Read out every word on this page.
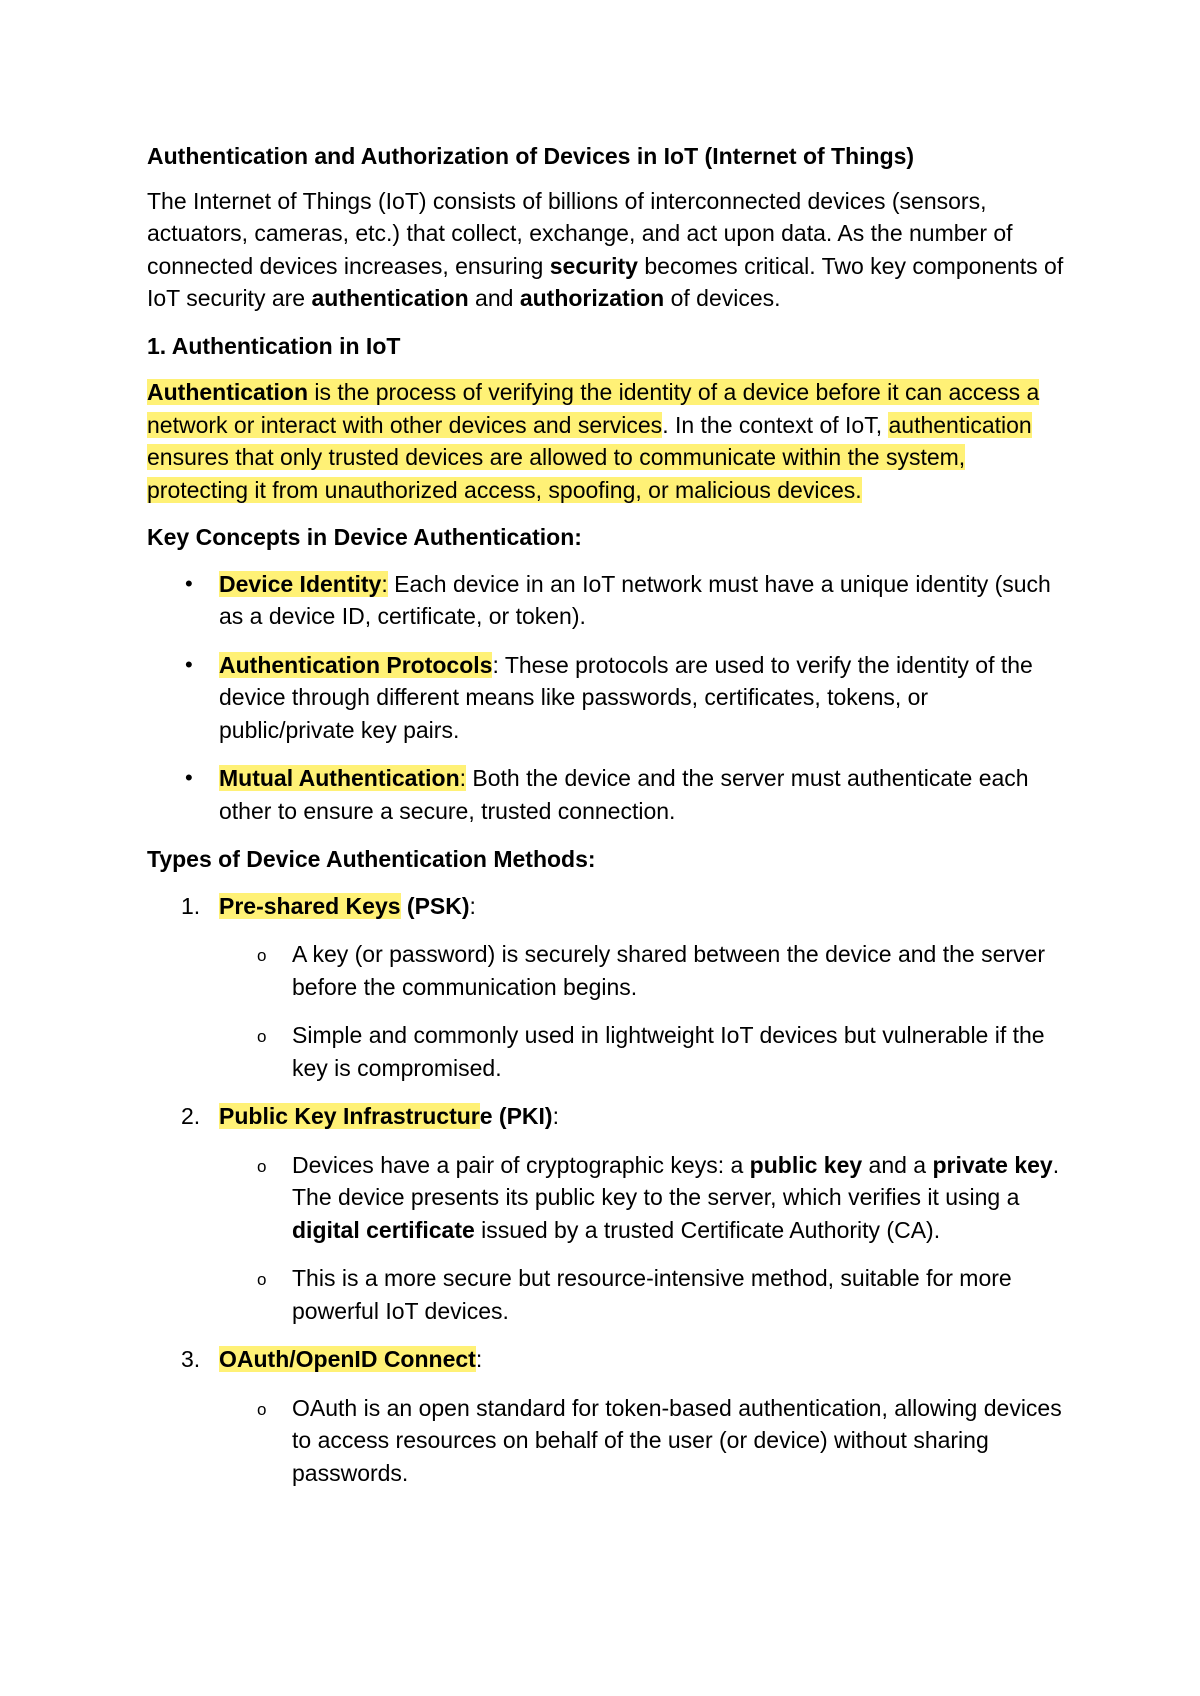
Authentication and Authorization of Devices in IoT (Internet of Things)

The Internet of Things (IoT) consists of billions of interconnected devices (sensors, actuators, cameras, etc.) that collect, exchange, and act upon data. As the number of connected devices increases, ensuring security becomes critical. Two key components of IoT security are authentication and authorization of devices.

1. Authentication in IoT

Authentication is the process of verifying the identity of a device before it can access a network or interact with other devices and services. In the context of IoT, authentication ensures that only trusted devices are allowed to communicate within the system, protecting it from unauthorized access, spoofing, or malicious devices.

Key Concepts in Device Authentication:
• Device Identity: Each device in an IoT network must have a unique identity (such as a device ID, certificate, or token).
• Authentication Protocols: These protocols are used to verify the identity of the device through different means like passwords, certificates, tokens, or public/private key pairs.
• Mutual Authentication: Both the device and the server must authenticate each other to ensure a secure, trusted connection.
Types of Device Authentication Methods:
1. Pre-shared Keys (PSK):
o A key (or password) is securely shared between the device and the server before the communication begins.
o Simple and commonly used in lightweight IoT devices but vulnerable if the key is compromised.
2. Public Key Infrastructure (PKI):
o Devices have a pair of cryptographic keys: a public key and a private key. The device presents its public key to the server, which verifies it using a digital certificate issued by a trusted Certificate Authority (CA).
o This is a more secure but resource-intensive method, suitable for more powerful IoT devices.
3. OAuth/OpenID Connect:
o OAuth is an open standard for token-based authentication, allowing devices to access resources on behalf of the user (or device) without sharing passwords.
